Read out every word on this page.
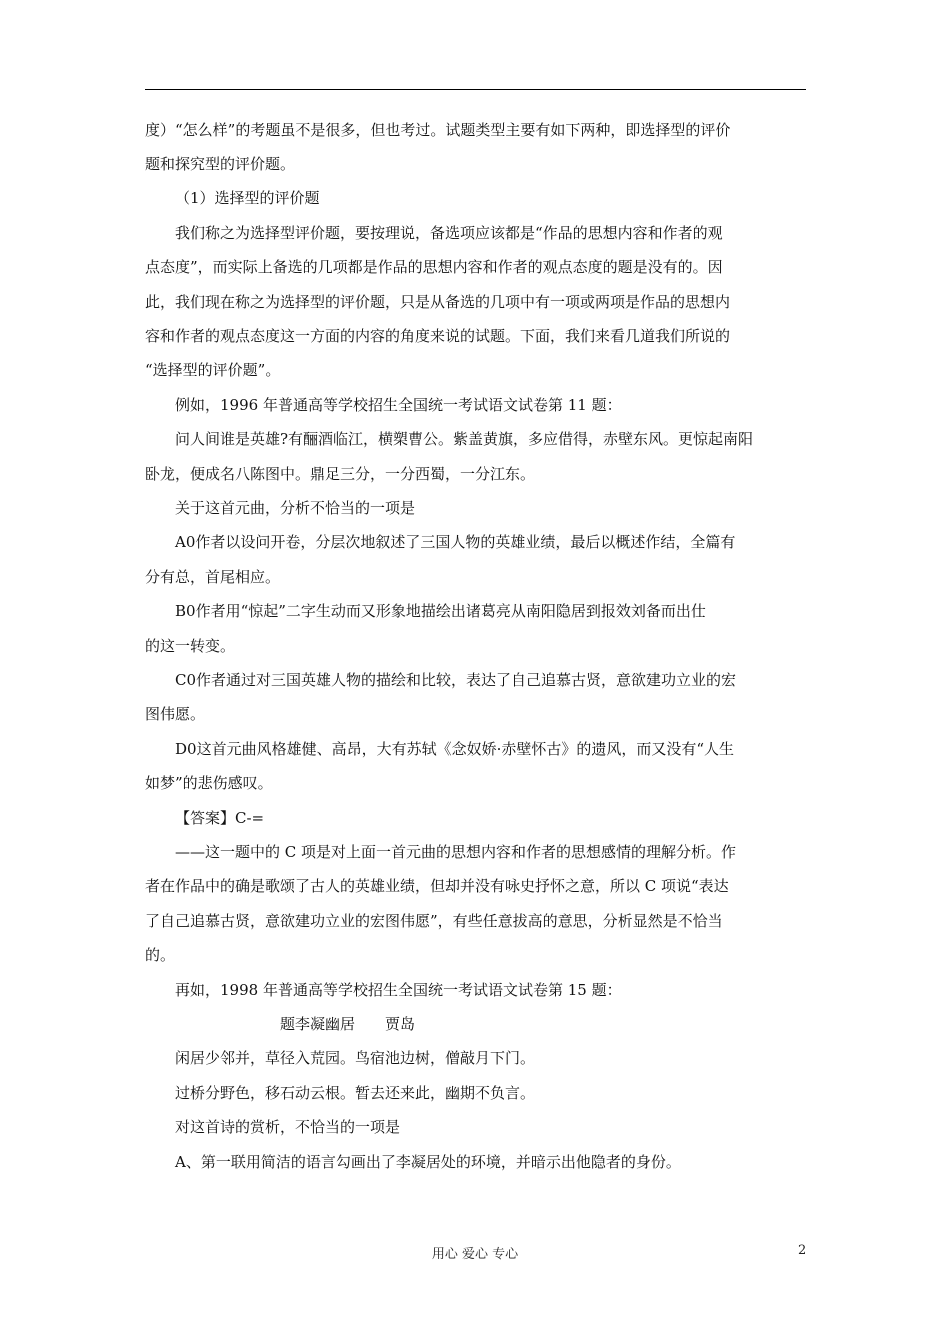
度）“怎么样”的考题虽不是很多，但也考过。试题类型主要有如下两种，即选择型的评价
题和探究型的评价题。
（1）选择型的评价题
我们称之为选择型评价题，要按理说，备选项应该都是“作品的思想内容和作者的观
点态度”，而实际上备选的几项都是作品的思想内容和作者的观点态度的题是没有的。因
此，我们现在称之为选择型的评价题，只是从备选的几项中有一项或两项是作品的思想内
容和作者的观点态度这一方面的内容的角度来说的试题。下面，我们来看几道我们所说的
“选择型的评价题”。
例如，1996 年普通高等学校招生全国统一考试语文试卷第 11 题：
问人间谁是英雄?有酾酒临江，横槊曹公。紫盖黄旗，多应借得，赤壁东风。更惊起南阳
卧龙，便成名八陈图中。鼎足三分，一分西蜀，一分江东。
关于这首元曲，分析不恰当的一项是
A0作者以设问开卷，分层次地叙述了三国人物的英雄业绩，最后以概述作结，全篇有
分有总，首尾相应。
B0作者用“惊起”二字生动而又形象地描绘出诸葛亮从南阳隐居到报效刘备而出仕
的这一转变。
C0作者通过对三国英雄人物的描绘和比较，表达了自己追慕古贤，意欲建功立业的宏
图伟愿。
D0这首元曲风格雄健、高昂，大有苏轼《念奴娇·赤壁怀古》的遗风，而又没有“人生
如梦”的悲伤感叹。
【答案】C-=
——这一题中的 C 项是对上面一首元曲的思想内容和作者的思想感情的理解分析。作
者在作品中的确是歌颂了古人的英雄业绩，但却并没有咏史抒怀之意，所以 C 项说“表达
了自己追慕古贤，意欲建功立业的宏图伟愿”，有些任意拔高的意思，分析显然是不恰当
的。
再如，1998 年普通高等学校招生全国统一考试语文试卷第 15 题：
题李凝幽居　　贾岛
闲居少邻并，草径入荒园。鸟宿池边树，僧敲月下门。
过桥分野色，移石动云根。暂去还来此，幽期不负言。
对这首诗的赏析，不恰当的一项是
A、第一联用简洁的语言勾画出了李凝居处的环境，并暗示出他隐者的身份。
用心 爱心 专心	2
